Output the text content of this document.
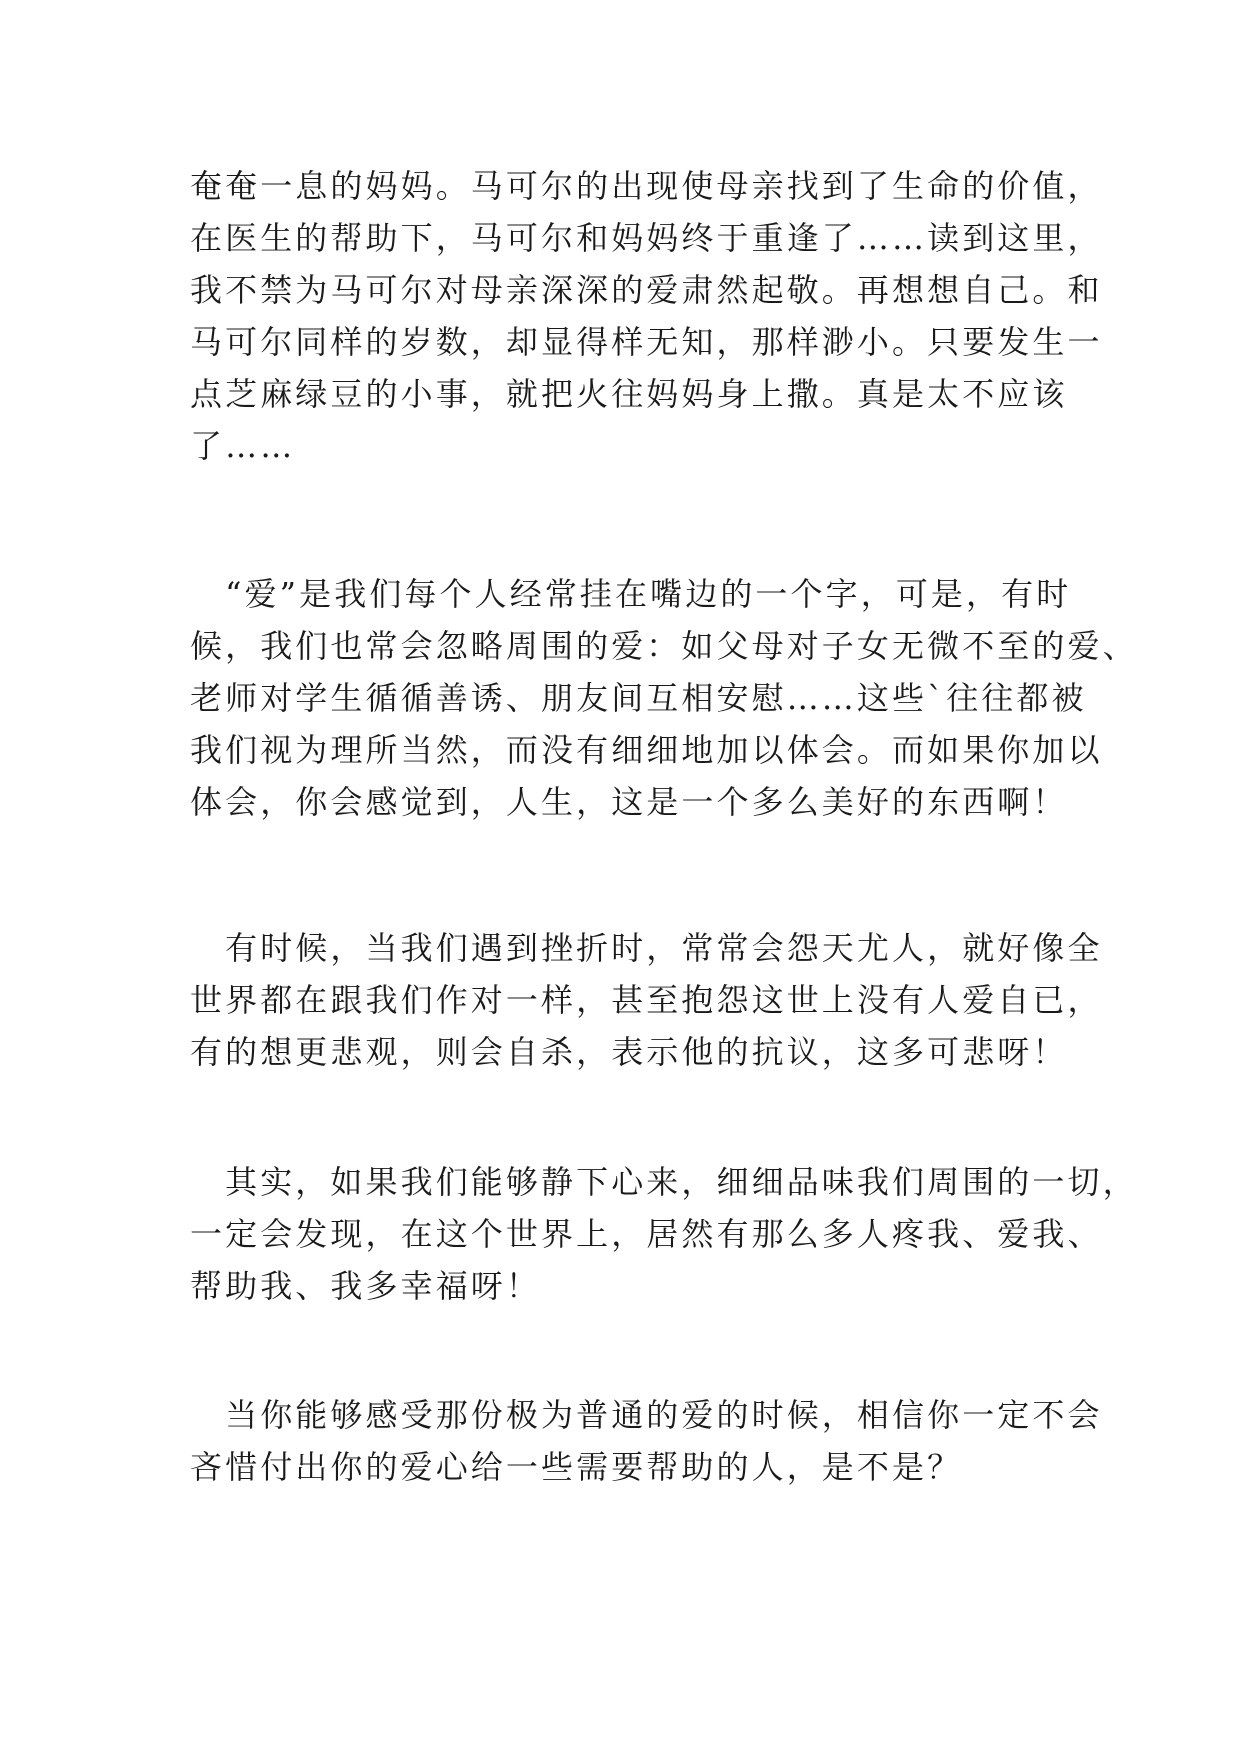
奄奄一息的妈妈。马可尔的出现使母亲找到了生命的价值，
在医生的帮助下，马可尔和妈妈终于重逢了……读到这里，
我不禁为马可尔对母亲深深的爱肃然起敬。再想想自己。和
马可尔同样的岁数，却显得样无知，那样渺小。只要发生一
点芝麻绿豆的小事，就把火往妈妈身上撒。真是太不应该
了……
　“爱”是我们每个人经常挂在嘴边的一个字，可是，有时
候，我们也常会忽略周围的爱：如父母对子女无微不至的爱、
老师对学生循循善诱、朋友间互相安慰……这些`往往都被
我们视为理所当然，而没有细细地加以体会。而如果你加以
体会，你会感觉到，人生，这是一个多么美好的东西啊！
　有时候，当我们遇到挫折时，常常会怨天尤人，就好像全
世界都在跟我们作对一样，甚至抱怨这世上没有人爱自已，
有的想更悲观，则会自杀，表示他的抗议，这多可悲呀！
　其实，如果我们能够静下心来，细细品味我们周围的一切，
一定会发现，在这个世界上，居然有那么多人疼我、爱我、
帮助我、我多幸福呀！
　当你能够感受那份极为普通的爱的时候，相信你一定不会
吝惜付出你的爱心给一些需要帮助的人，是不是？
